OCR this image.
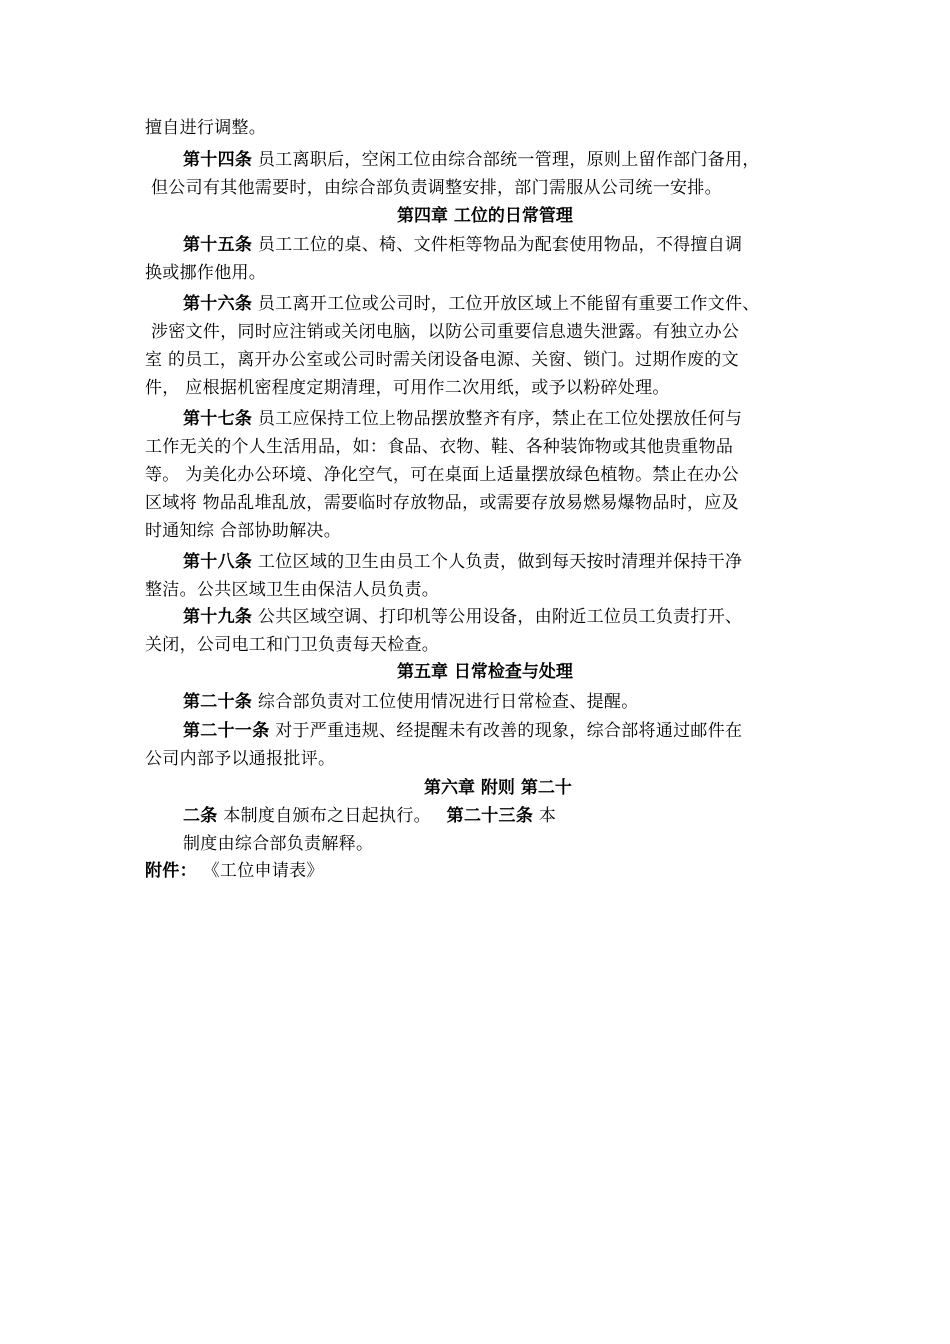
擅自进行调整。
第十四条 员工离职后，空闲工位由综合部统一管理，原则上留作部门备用，
但公司有其他需要时，由综合部负责调整安排，部门需服从公司统一安排。
第四章 工位的日常管理
第十五条 员工工位的桌、椅、文件柜等物品为配套使用物品，不得擅自调
换或挪作他用。
第十六条 员工离开工位或公司时，工位开放区域上不能留有重要工作文件、
涉密文件，同时应注销或关闭电脑，以防公司重要信息遗失泄露。有独立办公
室 的员工，离开办公室或公司时需关闭设备电源、关窗、锁门。过期作废的文
件， 应根据机密程度定期清理，可用作二次用纸，或予以粉碎处理。
第十七条 员工应保持工位上物品摆放整齐有序，禁止在工位处摆放任何与
工作无关的个人生活用品，如：食品、衣物、鞋、各种装饰物或其他贵重物品
等。 为美化办公环境、净化空气，可在桌面上适量摆放绿色植物。禁止在办公
区域将 物品乱堆乱放，需要临时存放物品，或需要存放易燃易爆物品时，应及
时通知综 合部协助解决。
第十八条 工位区域的卫生由员工个人负责，做到每天按时清理并保持干净
整洁。公共区域卫生由保洁人员负责。
第十九条 公共区域空调、打印机等公用设备，由附近工位员工负责打开、
关闭，公司电工和门卫负责每天检查。
第五章 日常检查与处理
第二十条 综合部负责对工位使用情况进行日常检查、提醒。
第二十一条 对于严重违规、经提醒未有改善的现象，综合部将通过邮件在
公司内部予以通报批评。
第六章 附则 第二十
二条 本制度自颁布之日起执行。 第二十三条 本
制度由综合部负责解释。
附件： 《工位申请表》
